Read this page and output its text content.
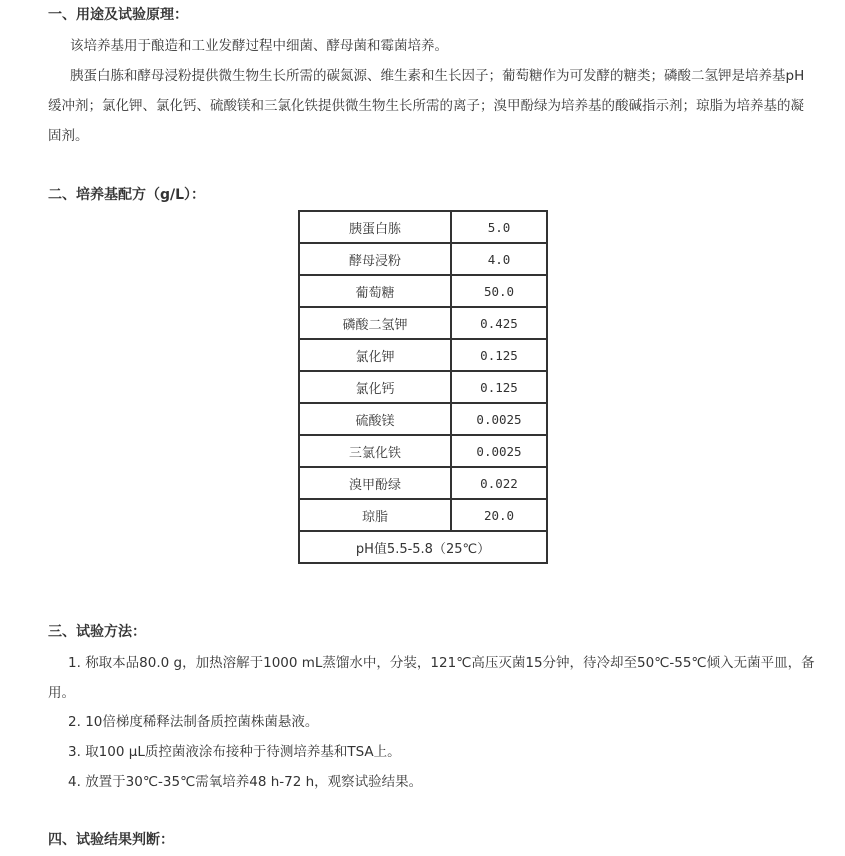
一、用途及试验原理：
该培养基用于酿造和工业发酵过程中细菌、酵母菌和霉菌培养。
胰蛋白胨和酵母浸粉提供微生物生长所需的碳氮源、维生素和生长因子；葡萄糖作为可发酵的糖类；磷酸二氢钾是培养基pH缓冲剂；氯化钾、氯化钙、硫酸镁和三氯化铁提供微生物生长所需的离子；溴甲酚绿为培养基的酸碱指示剂；琼脂为培养基的凝固剂。
二、培养基配方（g/L）：
胰蛋白胨	5.0
酵母浸粉	4.0
葡萄糖	50.0
磷酸二氢钾	0.425
氯化钾	0.125
氯化钙	0.125
硫酸镁	0.0025
三氯化铁	0.0025
溴甲酚绿	0.022
琼脂	20.0
pH值5.5-5.8（25℃）	
三、试验方法：
1. 称取本品80.0 g，加热溶解于1000 mL蒸馏水中，分装，121℃高压灭菌15分钟，待冷却至50℃-55℃倾入无菌平皿，备用。
2. 10倍梯度稀释法制备质控菌株菌悬液。
3. 取100 μL质控菌液涂布接种于待测培养基和TSA上。
4. 放置于30℃-35℃需氧培养48 h-72 h，观察试验结果。
四、试验结果判断：
